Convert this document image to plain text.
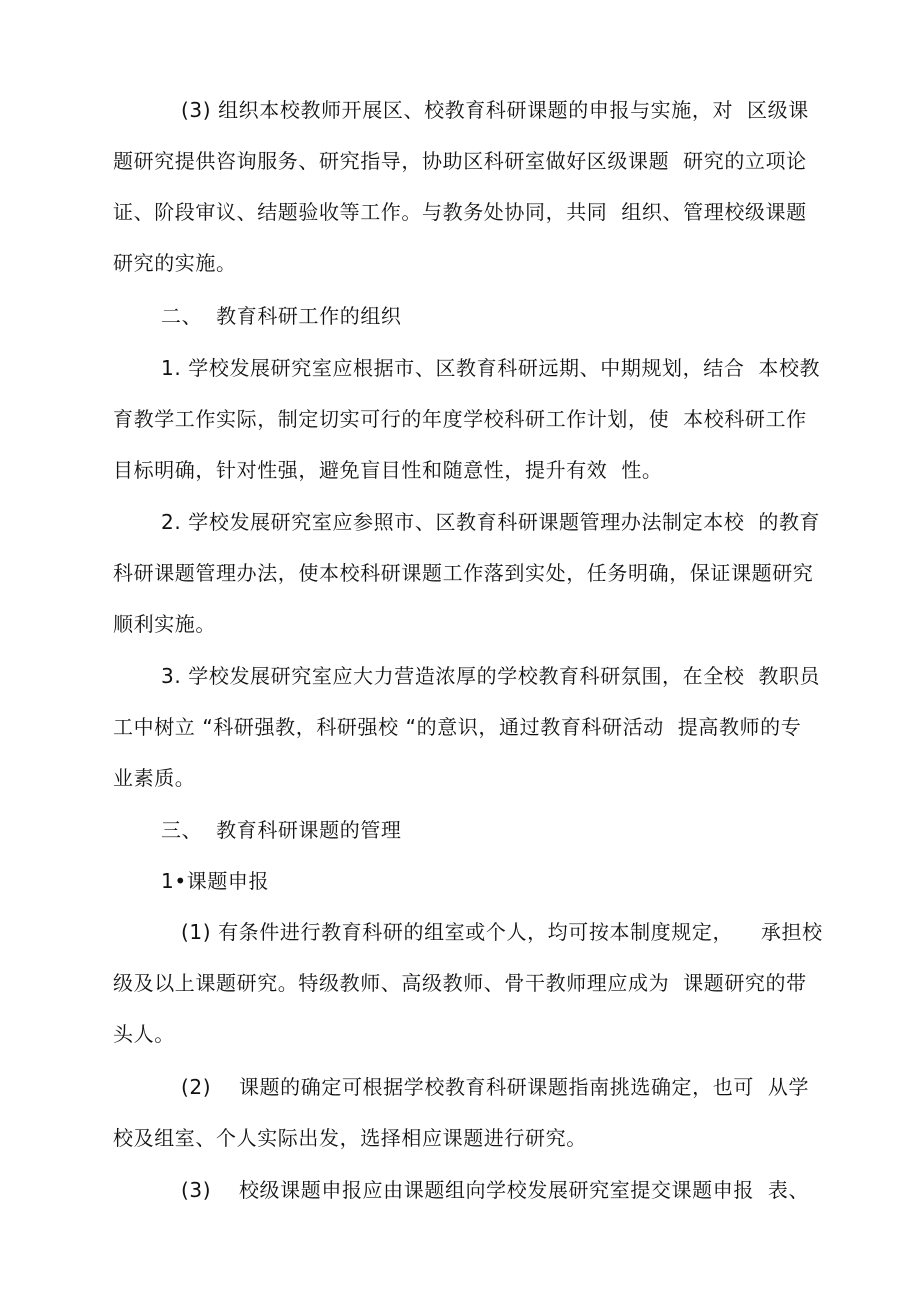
(3) 组织本校教师开展区、校教育科研课题的申报与实施，对  区级课
题研究提供咨询服务、研究指导，协助区科研室做好区级课题  研究的立项论
证、阶段审议、结题验收等工作。与教务处协同，共同  组织、管理校级课题
研究的实施。
二、  教育科研工作的组织
1. 学校发展研究室应根据市、区教育科研远期、中期规划，结合  本校教
育教学工作实际，制定切实可行的年度学校科研工作计划，使  本校科研工作
目标明确，针对性强，避免盲目性和随意性，提升有效  性。
2. 学校发展研究室应参照市、区教育科研课题管理办法制定本校  的教育
科研课题管理办法，使本校科研课题工作落到实处，任务明确，保证课题研究
顺利实施。
3. 学校发展研究室应大力营造浓厚的学校教育科研氛围，在全校  教职员
工中树立 “科研强教，科研强校 “的意识，通过教育科研活动  提高教师的专
业素质。
三、  教育科研课题的管理
1•课题申报
(1) 有条件进行教育科研的组室或个人，均可按本制度规定，    承担校
级及以上课题研究。特级教师、高级教师、骨干教师理应成为  课题研究的带
头人。
(2)    课题的确定可根据学校教育科研课题指南挑选确定，也可  从学
校及组室、个人实际出发，选择相应课题进行研究。
(3)    校级课题申报应由课题组向学校发展研究室提交课题申报  表、
